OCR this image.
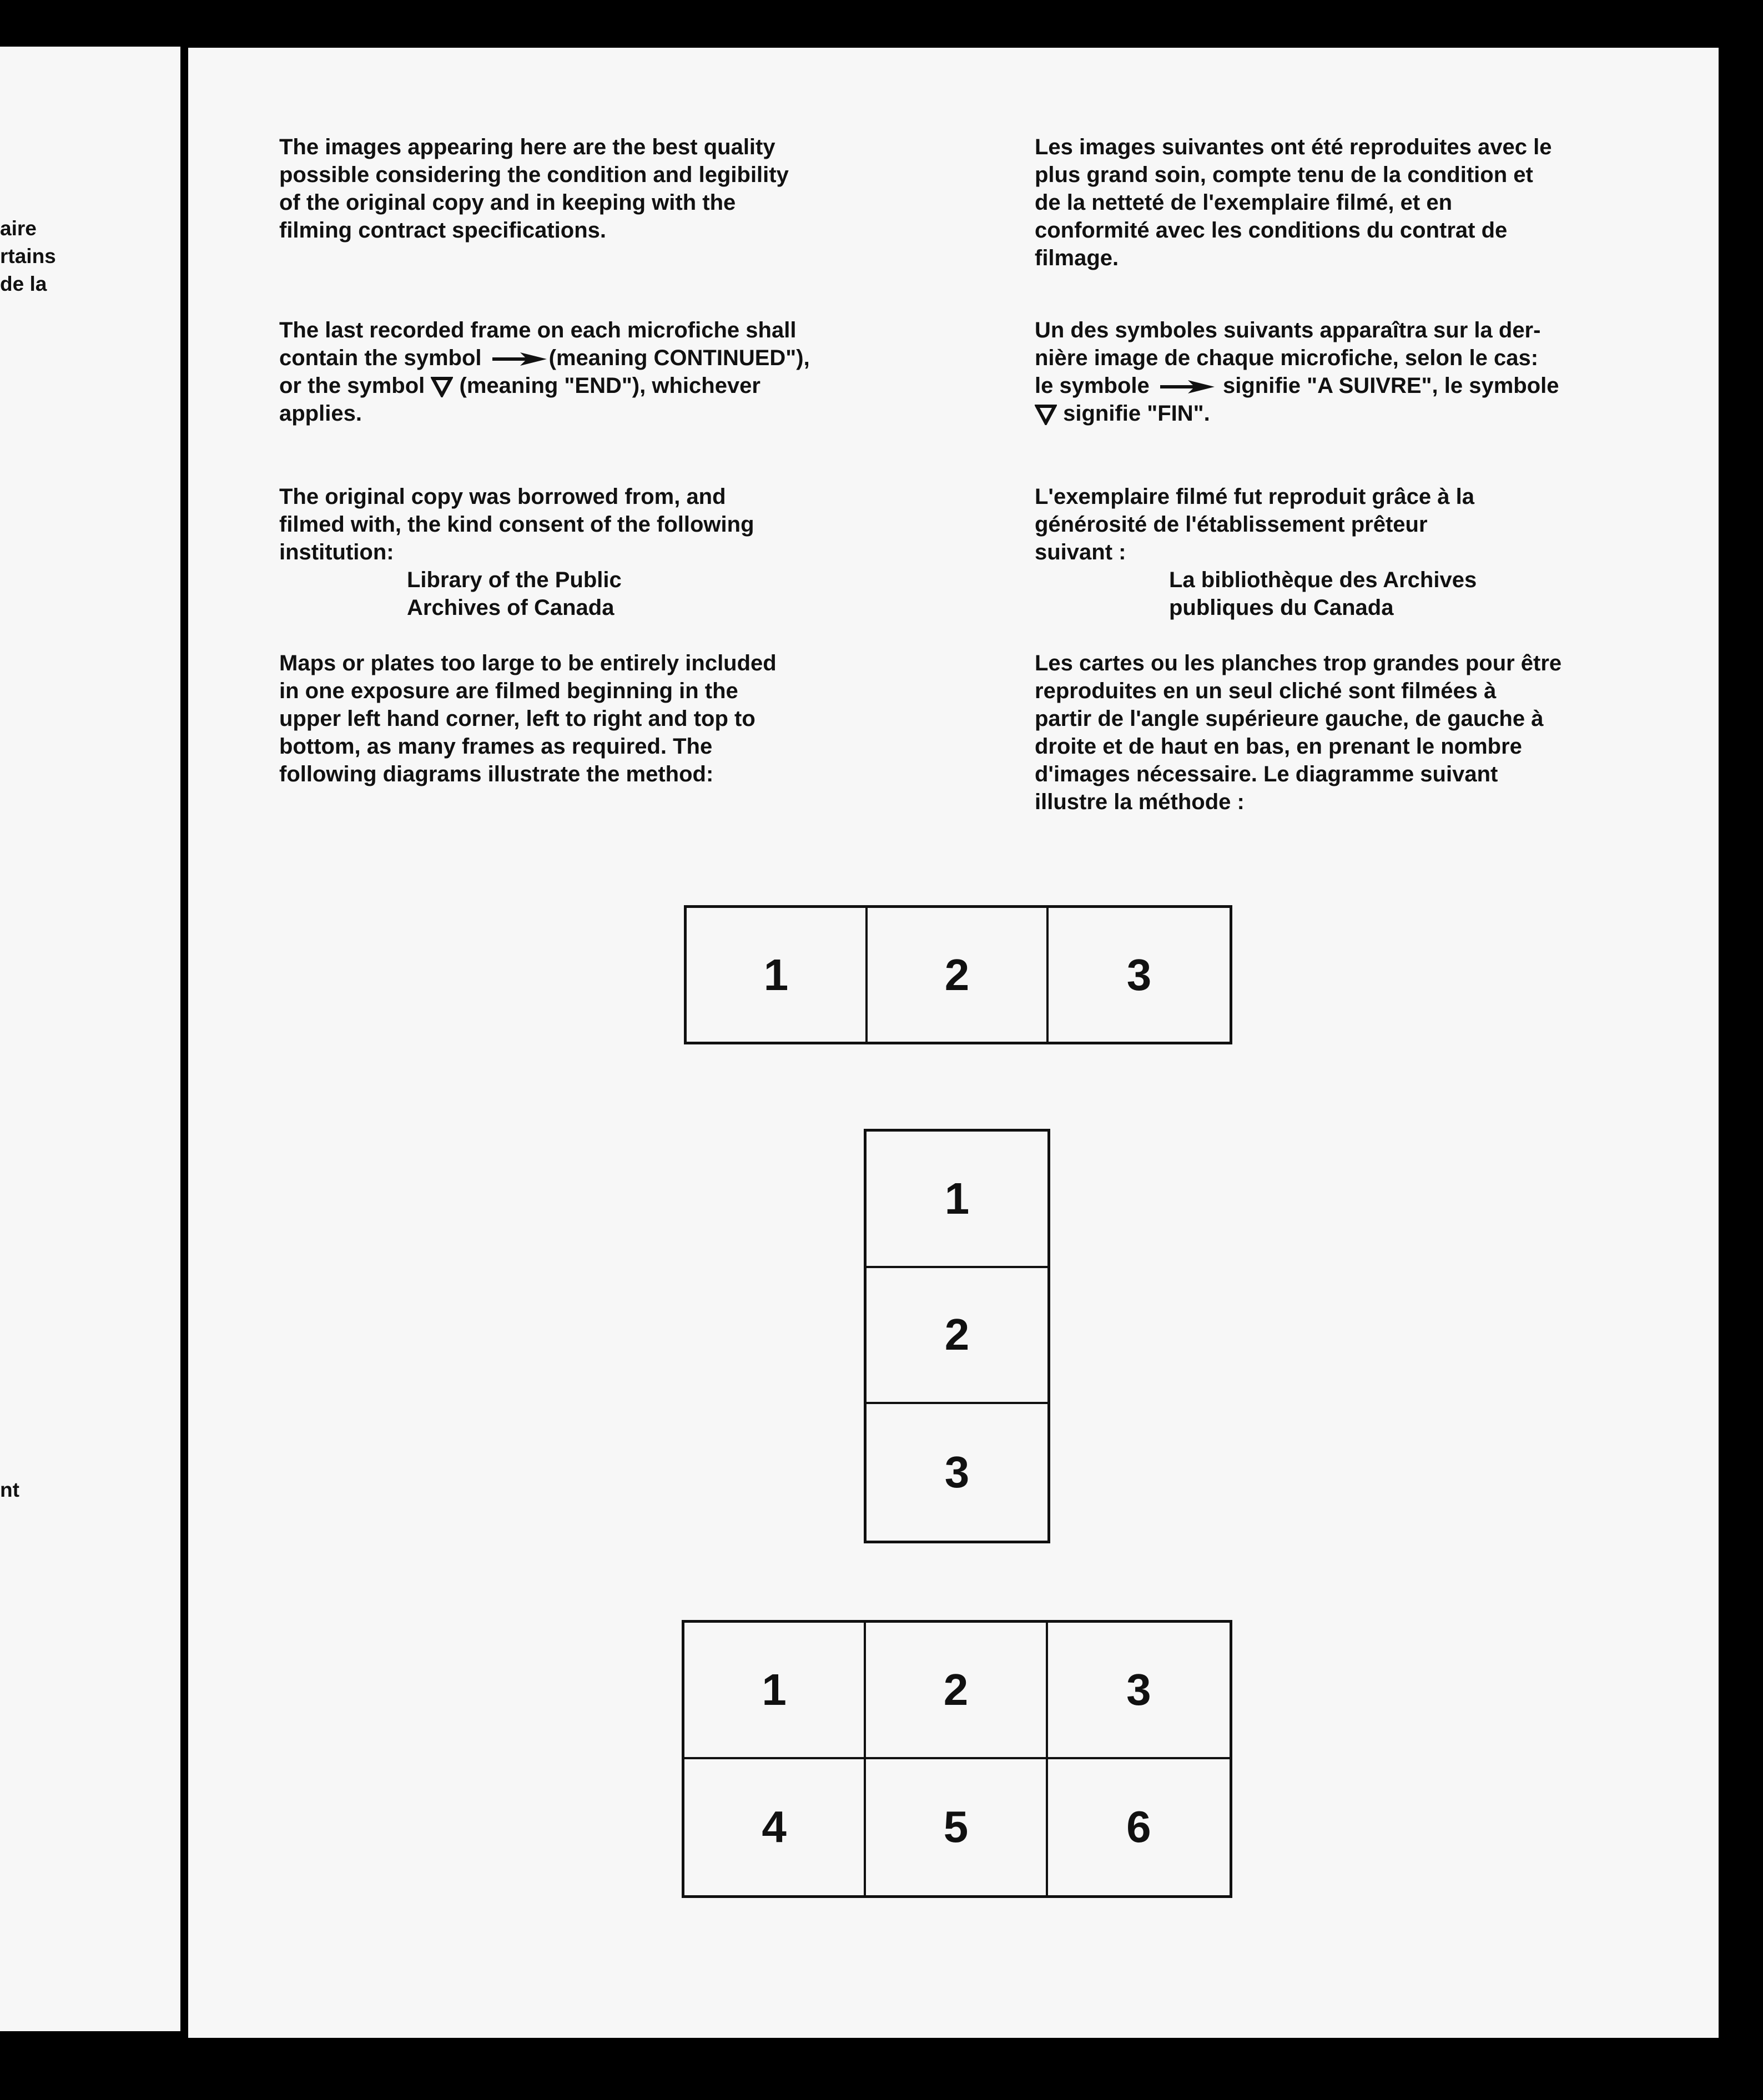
aire
rtains
de la
nt

The images appearing here are the best quality

possible considering the condition and legibility

of the original copy and in keeping with the

filming contract specifications.

The last recorded frame on each microfiche shall

contain the symbol	(meaning CONTINUED"),

or the symbol (meaning "END"), whichever

applies.

The original copy was borrowed from, and

filmed with, the kind consent of the following

institution:

Library of the Public

Archives of Canada

Maps or plates too large to be entirely included

in one exposure are filmed beginning in the

upper left hand corner, left to right and top to

bottom, as many frames as required. The

following diagrams illustrate the method:

Les images suivantes ont été reproduites avec le

plus grand soin, compte tenu de la condition et

de la netteté de l'exemplaire filmé, et en

conformité avec les conditions du contrat de

filmage.

Un des symboles suivants apparaîtra sur la der-

nière image de chaque microfiche, selon le cas:

le symbole	signifie "A SUIVRE", le symbole

signifie "FIN".

L'exemplaire filmé fut reproduit grâce à la

générosité de l'établissement prêteur

suivant :

La bibliothèque des Archives

publiques du Canada

Les cartes ou les planches trop grandes pour être

reproduites en un seul cliché sont filmées à

partir de l'angle supérieure gauche, de gauche à

droite et de haut en bas, en prenant le nombre

d'images nécessaire. Le diagramme suivant

illustre la méthode :

1	2	3
1
2
3
1	2	3
4	5	6
